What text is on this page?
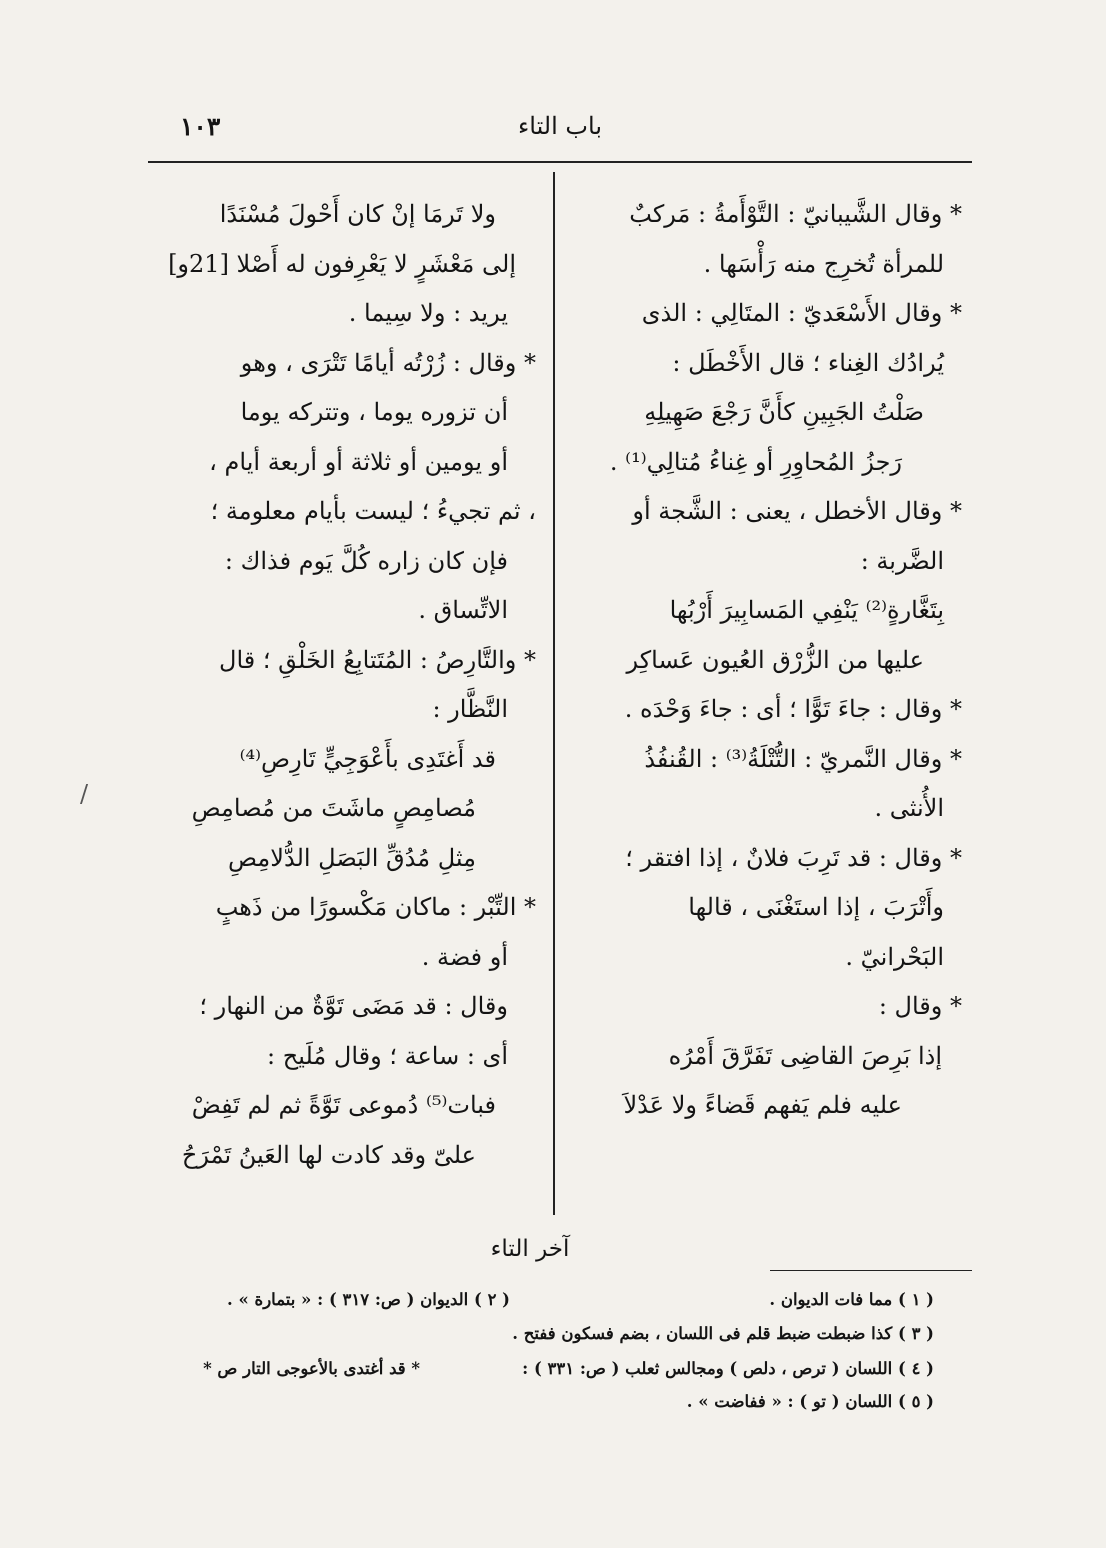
باب التاء
١٠٣
* وقال الشَّيبانيّ : التَّوْأَمةُ : مَركبٌ
للمرأة تُخرِج منه رَأْسَها .
* وقال الأَسْعَديّ : المتَالِي : الذى
يُرادُك الغِناء ؛ قال الأَخْطَل :
صَلْتُ الجَبِينِ كأَنَّ رَجْعَ صَهِيلِهِ
رَجزُ المُحاوِرِ أو غِناءُ مُتالِي⁽¹⁾ .
* وقال الأخطل ، يعنى : الشَّجة أو
الضَّربة :
بِتَغَّارةٍ⁽²⁾ يَنْفِي المَسابِيرَ أَرْبُها
عليها من الزُّرْق العُيون عَساكِر
* وقال : جاءَ تَوًّا ؛ أى : جاءَ وَحْدَه .
* وقال النَّمريّ : التُّتْلَةُ⁽³⁾ : القُنفُذُ
الأُنثى .
* وقال : قد تَرِبَ فلانٌ ، إذا افتقر ؛
وأَتْرَبَ ، إذا استَغْنَى ، قالها
البَحْرانيّ .
* وقال :
إذا بَرِصَ القاضِى تَفَرَّقَ أَمْرُه
عليه فلم يَفهم قَضاءً ولا عَدْلاَ
ولا تَرمَا إنْ كان أَحْولَ مُسْنَدًا
إلى مَعْشَرٍ لا يَعْرِفون له أَصْلا [21و]
يريد : ولا سِيما .
* وقال : زُرْتُه أيامًا تَتْرَى ، وهو
أن تزوره يوما ، وتتركه يوما
أو يومين أو ثلاثة أو أربعة أيام ،
، ثم تجيءُ ؛ ليست بأيام معلومة ؛
فإن كان زاره كُلَّ يَوم فذاك :
الاتِّساق .
* والتَّارِصُ : المُتَتابِعُ الخَلْقِ ؛ قال
النَّظَّار :
قد أَغتَدِى بأَعْوَجِيٍّ تَارِصِ⁽⁴⁾
مُصامِصٍ ماشَتَ من مُصامِصِ
مِثلِ مُدُقِّ البَصَلِ الدُّلامِصِ
* التِّبْر : ماكان مَكْسورًا من ذَهبٍ
أو فضة .
وقال : قد مَضَى تَوَّةٌ من النهار ؛
أى : ساعة ؛ وقال مُلَيح :
فبات⁽⁵⁾ دُموعى تَوَّةً ثم لم تَفِضْ
علىّ وقد كادت لها العَينُ تَمْرَحُ
آخر التاء
( ١ ) مما فات الديوان .
( ٢ ) الديوان ( ص: ٣١٧ ) : « بتمارة » .
( ٣ ) كذا ضبطت ضبط قلم فى اللسان ، بضم فسكون ففتح .
( ٤ ) اللسان ( ترص ، دلص ) ومجالس ثعلب ( ص: ٣٣١ ) :
* قد أغتدى بالأعوجى التار ص *
( ٥ ) اللسان ( تو ) : « ففاضت » .
/
